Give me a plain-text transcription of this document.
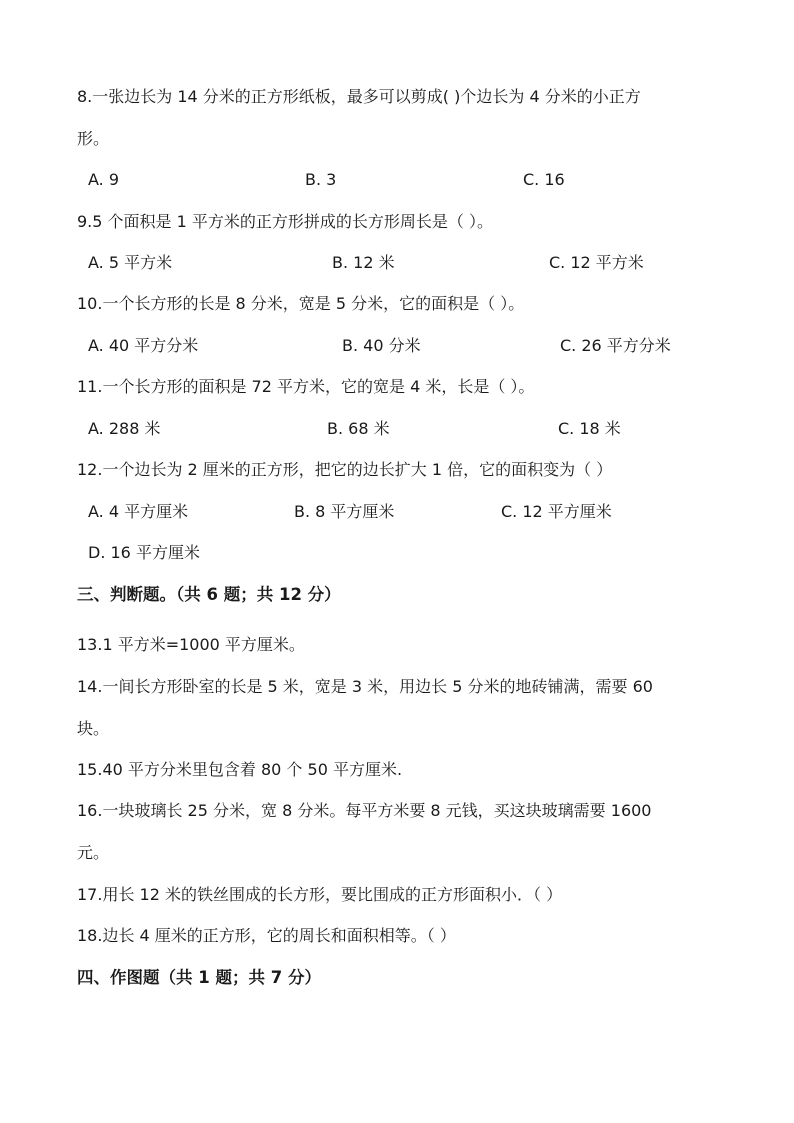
8.一张边长为 14 分米的正方形纸板，最多可以剪成( )个边长为 4 分米的小正方
形。
A. 9	B. 3	C. 16
9.5 个面积是 1 平方米的正方形拼成的长方形周长是（ ）。
A. 5 平方米	B. 12 米	C. 12 平方米
10.一个长方形的长是 8 分米，宽是 5 分米，它的面积是（ ）。
A. 40 平方分米	B. 40 分米	C. 26 平方分米
11.一个长方形的面积是 72 平方米，它的宽是 4 米，长是（ ）。
A. 288 米	B. 68 米	C. 18 米
12.一个边长为 2 厘米的正方形，把它的边长扩大 1 倍，它的面积变为（ ）
A. 4 平方厘米	B. 8 平方厘米	C. 12 平方厘米
D. 16 平方厘米
三、判断题。（共 6 题；共 12 分）
13.1 平方米=1000 平方厘米。
14.一间长方形卧室的长是 5 米，宽是 3 米，用边长 5 分米的地砖铺满，需要 60
块。
15.40 平方分米里包含着 80 个 50 平方厘米.
16.一块玻璃长 25 分米，宽 8 分米。每平方米要 8 元钱，买这块玻璃需要 1600
元。
17.用长 12 米的铁丝围成的长方形，要比围成的正方形面积小．（ ）
18.边长 4 厘米的正方形，它的周长和面积相等。（ ）
四、作图题（共 1 题；共 7 分）
